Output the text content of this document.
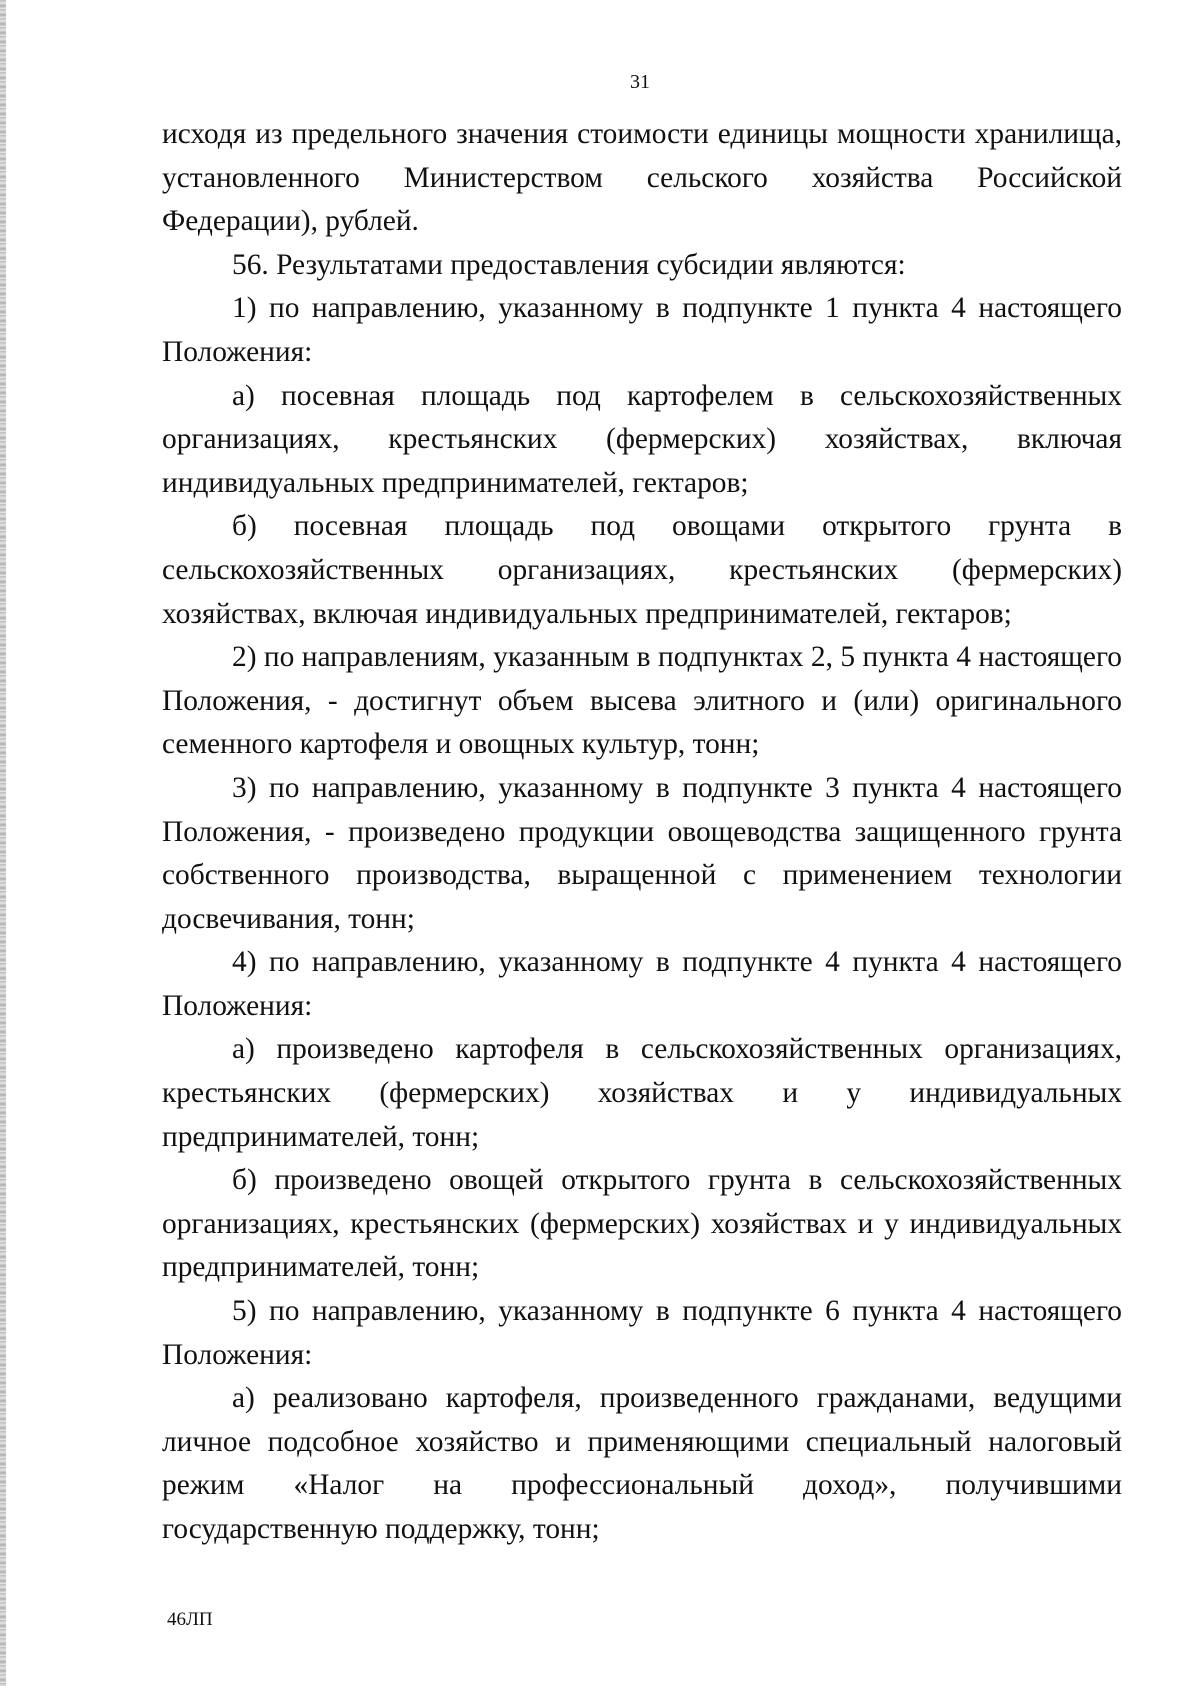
31

исходя из предельного значения стоимости единицы мощности хранилища, установленного Министерством сельского хозяйства Российской Федерации), рублей.

56. Результатами предоставления субсидии являются:

1) по направлению, указанному в подпункте 1 пункта 4 настоящего Положения:

а) посевная площадь под картофелем в сельскохозяйственных организациях, крестьянских (фермерских) хозяйствах, включая индивидуальных предпринимателей, гектаров;

б) посевная площадь под овощами открытого грунта в сельскохозяйственных организациях, крестьянских (фермерских) хозяйствах, включая индивидуальных предпринимателей, гектаров;

2) по направлениям, указанным в подпунктах 2, 5 пункта 4 настоящего Положения, - достигнут объем высева элитного и (или) оригинального семенного картофеля и овощных культур, тонн;

3) по направлению, указанному в подпункте 3 пункта 4 настоящего Положения, - произведено продукции овощеводства защищенного грунта собственного производства, выращенной с применением технологии досвечивания, тонн;

4) по направлению, указанному в подпункте 4 пункта 4 настоящего Положения:

а) произведено картофеля в сельскохозяйственных организациях, крестьянских (фермерских) хозяйствах и у индивидуальных предпринимателей, тонн;

б) произведено овощей открытого грунта в сельскохозяйственных организациях, крестьянских (фермерских) хозяйствах и у индивидуальных предпринимателей, тонн;

5) по направлению, указанному в подпункте 6 пункта 4 настоящего Положения:

а) реализовано картофеля, произведенного гражданами, ведущими личное подсобное хозяйство и применяющими специальный налоговый режим «Налог на профессиональный доход», получившими государственную поддержку, тонн;

46ЛП
